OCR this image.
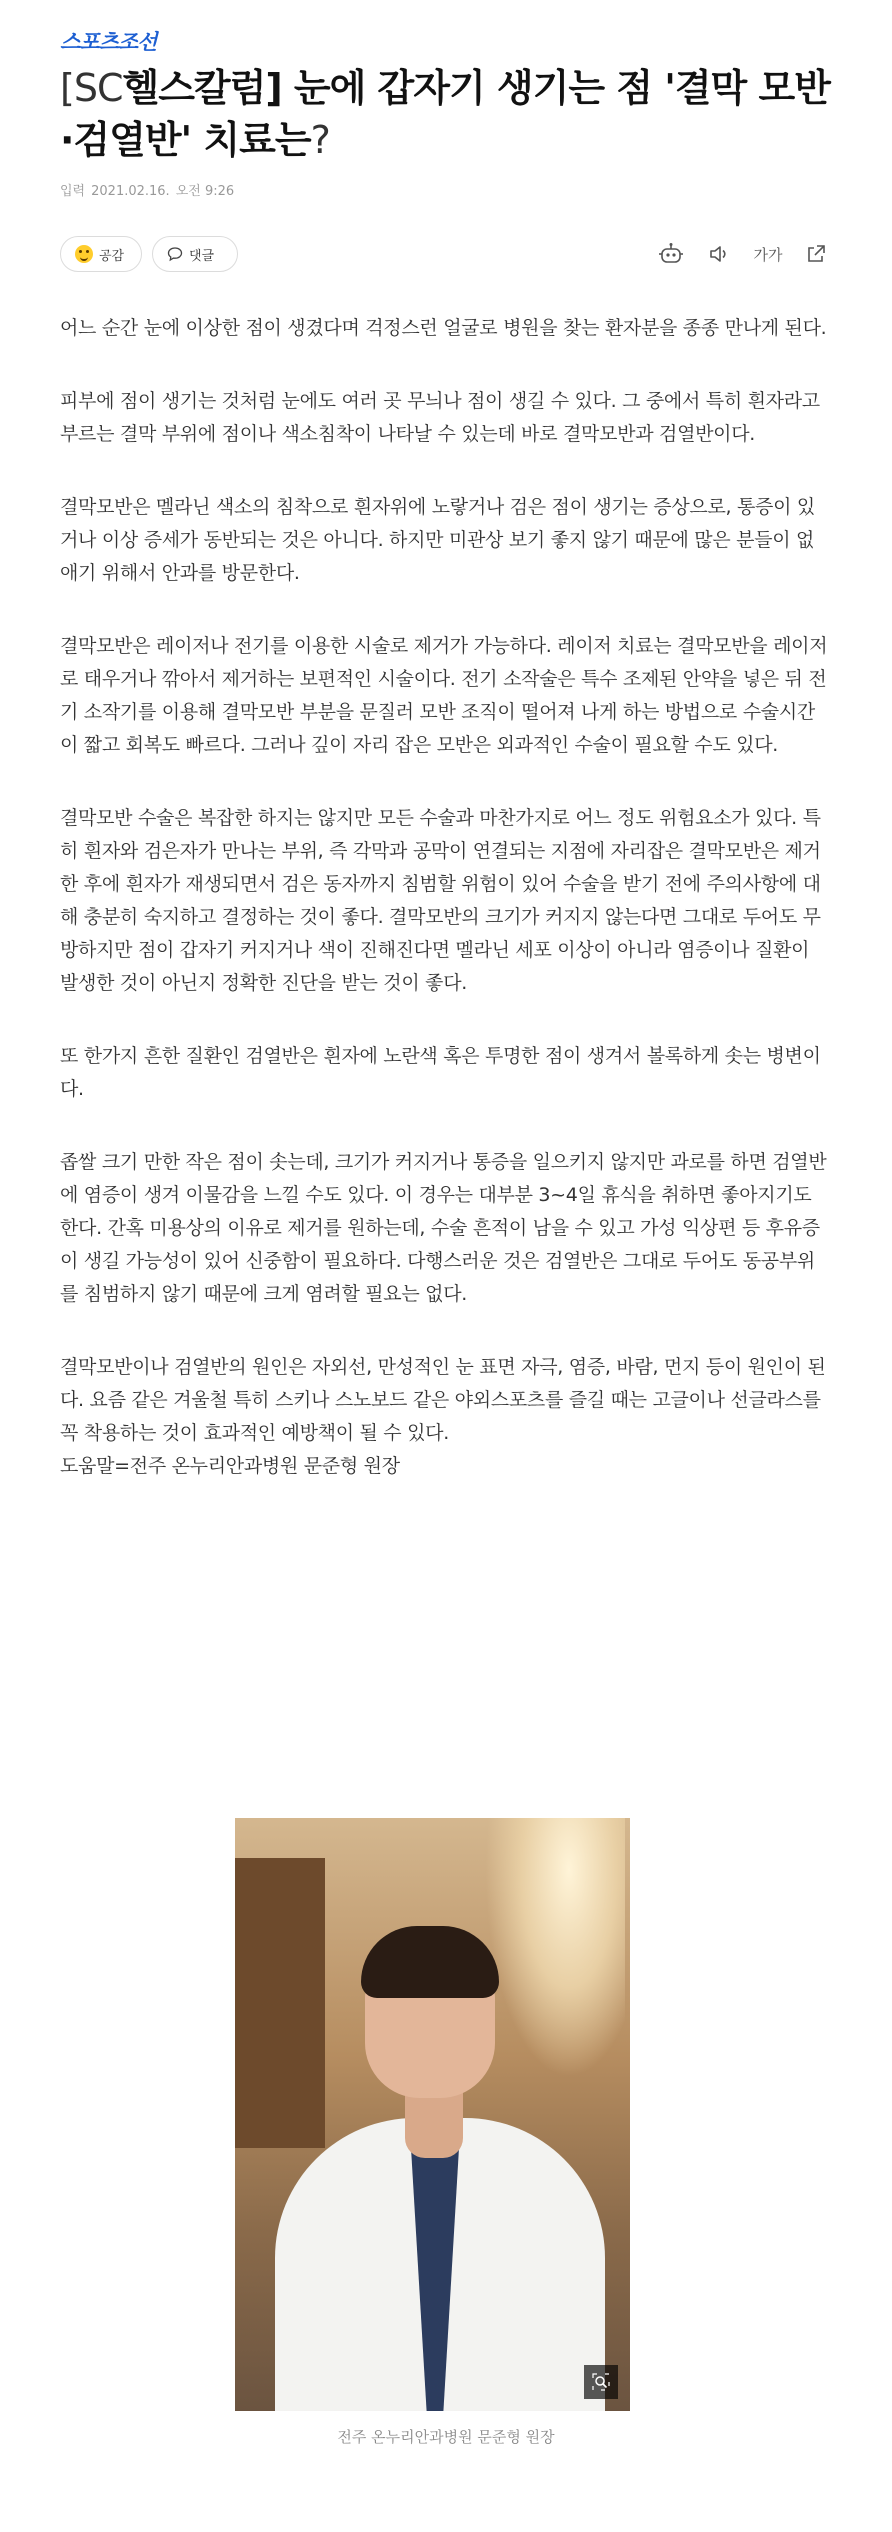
스포츠조선
[SC헬스칼럼] 눈에 갑자기 생기는 점 '결막 모반·검열반' 치료는?
입력 2021.02.16. 오전 9:26
공감	댓글	가가

어느 순간 눈에 이상한 점이 생겼다며 걱정스런 얼굴로 병원을 찾는 환자분을 종종 만나게 된다.

피부에 점이 생기는 것처럼 눈에도 여러 곳 무늬나 점이 생길 수 있다. 그 중에서 특히 흰자라고 부르는 결막 부위에 점이나 색소침착이 나타날 수 있는데 바로 결막모반과 검열반이다.

결막모반은 멜라닌 색소의 침착으로 흰자위에 노랗거나 검은 점이 생기는 증상으로, 통증이 있거나 이상 증세가 동반되는 것은 아니다. 하지만 미관상 보기 좋지 않기 때문에 많은 분들이 없애기 위해서 안과를 방문한다.

결막모반은 레이저나 전기를 이용한 시술로 제거가 가능하다. 레이저 치료는 결막모반을 레이저로 태우거나 깎아서 제거하는 보편적인 시술이다. 전기 소작술은 특수 조제된 안약을 넣은 뒤 전기 소작기를 이용해 결막모반 부분을 문질러 모반 조직이 떨어져 나게 하는 방법으로 수술시간이 짧고 회복도 빠르다. 그러나 깊이 자리 잡은 모반은 외과적인 수술이 필요할 수도 있다.

결막모반 수술은 복잡한 하지는 않지만 모든 수술과 마찬가지로 어느 정도 위험요소가 있다. 특히 흰자와 검은자가 만나는 부위, 즉 각막과 공막이 연결되는 지점에 자리잡은 결막모반은 제거한 후에 흰자가 재생되면서 검은 동자까지 침범할 위험이 있어 수술을 받기 전에 주의사항에 대해 충분히 숙지하고 결정하는 것이 좋다. 결막모반의 크기가 커지지 않는다면 그대로 두어도 무방하지만 점이 갑자기 커지거나 색이 진해진다면 멜라닌 세포 이상이 아니라 염증이나 질환이 발생한 것이 아닌지 정확한 진단을 받는 것이 좋다.

또 한가지 흔한 질환인 검열반은 흰자에 노란색 혹은 투명한 점이 생겨서 볼록하게 솟는 병변이다.

좁쌀 크기 만한 작은 점이 솟는데, 크기가 커지거나 통증을 일으키지 않지만 과로를 하면 검열반에 염증이 생겨 이물감을 느낄 수도 있다. 이 경우는 대부분 3~4일 휴식을 취하면 좋아지기도 한다. 간혹 미용상의 이유로 제거를 원하는데, 수술 흔적이 남을 수 있고 가성 익상편 등 후유증이 생길 가능성이 있어 신중함이 필요하다. 다행스러운 것은 검열반은 그대로 두어도 동공부위를 침범하지 않기 때문에 크게 염려할 필요는 없다.

결막모반이나 검열반의 원인은 자외선, 만성적인 눈 표면 자극, 염증, 바람, 먼지 등이 원인이 된다. 요즘 같은 겨울철 특히 스키나 스노보드 같은 야외스포츠를 즐길 때는 고글이나 선글라스를 꼭 착용하는 것이 효과적인 예방책이 될 수 있다.

도움말=전주 온누리안과병원 문준형 원장

전주 온누리안과병원 문준형 원장
